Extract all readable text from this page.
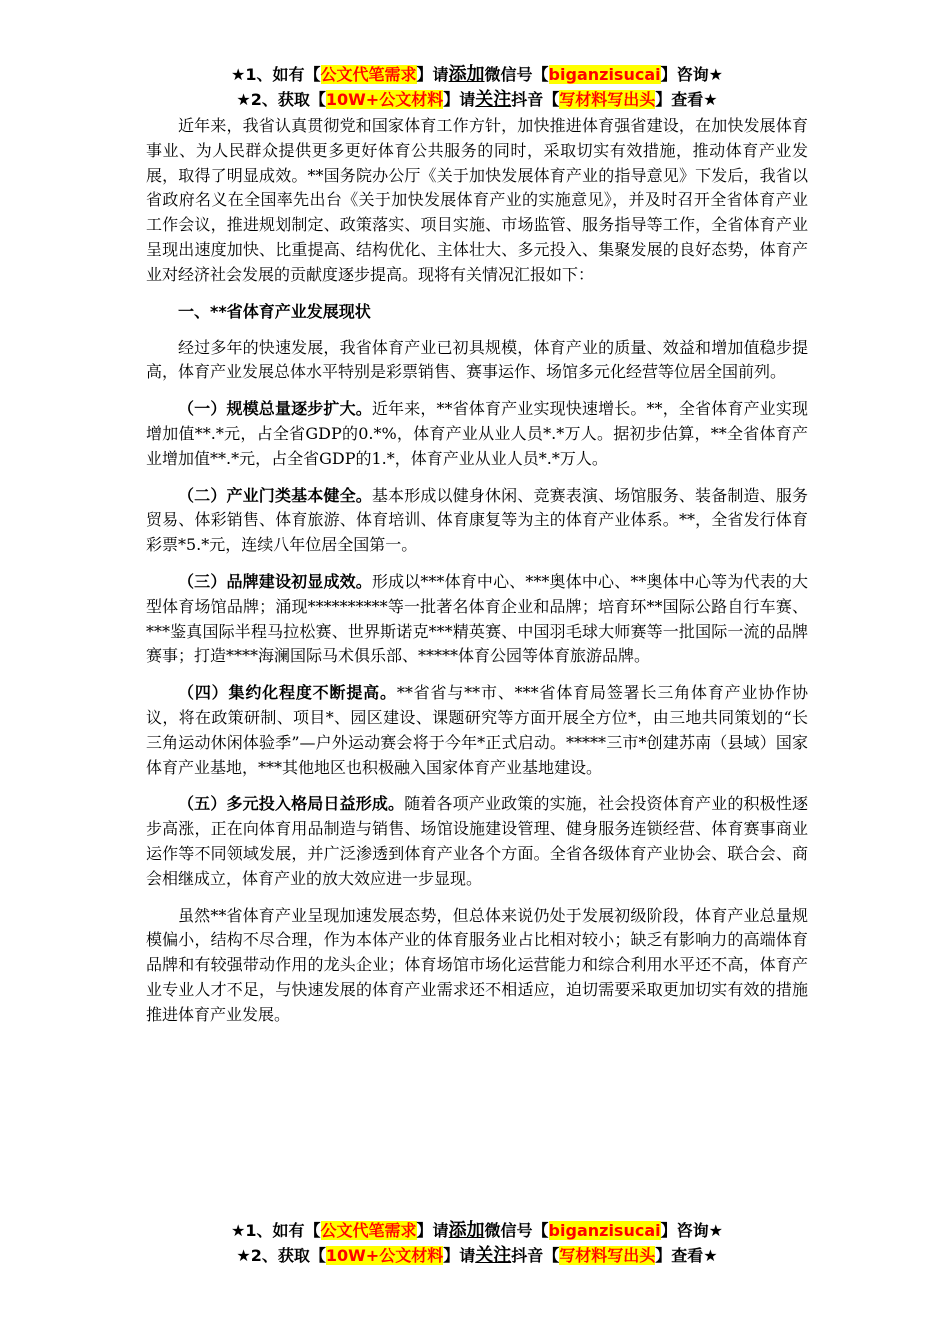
★1、如有【公文代笔需求】请添加微信号【biganzisucai】咨询★
★2、获取【10W+公文材料】请关注抖音【写材料写出头】查看★

近年来，我省认真贯彻党和国家体育工作方针，加快推进体育强省建设，在加快发展体育事业、为人民群众提供更多更好体育公共服务的同时，采取切实有效措施，推动体育产业发展，取得了明显成效。**国务院办公厅《关于加快发展体育产业的指导意见》下发后，我省以省政府名义在全国率先出台《关于加快发展体育产业的实施意见》，并及时召开全省体育产业工作会议，推进规划制定、政策落实、项目实施、市场监管、服务指导等工作，全省体育产业呈现出速度加快、比重提高、结构优化、主体壮大、多元投入、集聚发展的良好态势，体育产业对经济社会发展的贡献度逐步提高。现将有关情况汇报如下：

一、**省体育产业发展现状

经过多年的快速发展，我省体育产业已初具规模，体育产业的质量、效益和增加值稳步提高，体育产业发展总体水平特别是彩票销售、赛事运作、场馆多元化经营等位居全国前列。

（一）规模总量逐步扩大。近年来，**省体育产业实现快速增长。**，全省体育产业实现增加值**.*元，占全省GDP的0.*%，体育产业从业人员*.*万人。据初步估算，**全省体育产业增加值**.*元，占全省GDP的1.*，体育产业从业人员*.*万人。

（二）产业门类基本健全。基本形成以健身休闲、竞赛表演、场馆服务、装备制造、服务贸易、体彩销售、体育旅游、体育培训、体育康复等为主的体育产业体系。**，全省发行体育彩票*5.*元，连续八年位居全国第一。

（三）品牌建设初显成效。形成以***体育中心、***奥体中心、**奥体中心等为代表的大型体育场馆品牌；涌现**********等一批著名体育企业和品牌；培育环**国际公路自行车赛、***鉴真国际半程马拉松赛、世界斯诺克***精英赛、中国羽毛球大师赛等一批国际一流的品牌赛事；打造****海澜国际马术俱乐部、*****体育公园等体育旅游品牌。

（四）集约化程度不断提高。**省省与**市、***省体育局签署长三角体育产业协作协议，将在政策研制、项目*、园区建设、课题研究等方面开展全方位*，由三地共同策划的“长三角运动休闲体验季”—户外运动赛会将于今年*正式启动。*****三市*创建苏南（县域）国家体育产业基地，***其他地区也积极融入国家体育产业基地建设。

（五）多元投入格局日益形成。随着各项产业政策的实施，社会投资体育产业的积极性逐步高涨，正在向体育用品制造与销售、场馆设施建设管理、健身服务连锁经营、体育赛事商业运作等不同领域发展，并广泛渗透到体育产业各个方面。全省各级体育产业协会、联合会、商会相继成立，体育产业的放大效应进一步显现。

虽然**省体育产业呈现加速发展态势，但总体来说仍处于发展初级阶段，体育产业总量规模偏小，结构不尽合理，作为本体产业的体育服务业占比相对较小；缺乏有影响力的高端体育品牌和有较强带动作用的龙头企业；体育场馆市场化运营能力和综合利用水平还不高，体育产业专业人才不足，与快速发展的体育产业需求还不相适应，迫切需要采取更加切实有效的措施推进体育产业发展。

★1、如有【公文代笔需求】请添加微信号【biganzisucai】咨询★
★2、获取【10W+公文材料】请关注抖音【写材料写出头】查看★
